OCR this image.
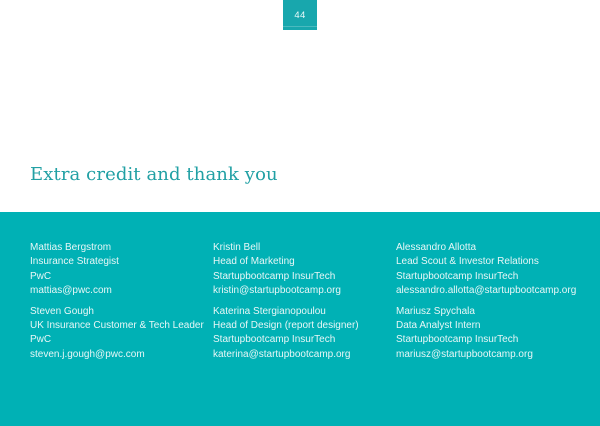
44
Extra credit and thank you

Mattias Bergstrom

Insurance Strategist

PwC

mattias@pwc.com

Steven Gough

UK Insurance Customer & Tech Leader

PwC

steven.j.gough@pwc.com

Kristin Bell

Head of Marketing

Startupbootcamp InsurTech

kristin@startupbootcamp.org

Katerina Stergianopoulou

Head of Design (report designer)

Startupbootcamp InsurTech

katerina@startupbootcamp.org

Alessandro Allotta

Lead Scout & Investor Relations

Startupbootcamp InsurTech

alessandro.allotta@startupbootcamp.org

Mariusz Spychala

Data Analyst Intern

Startupbootcamp InsurTech

mariusz@startupbootcamp.org
